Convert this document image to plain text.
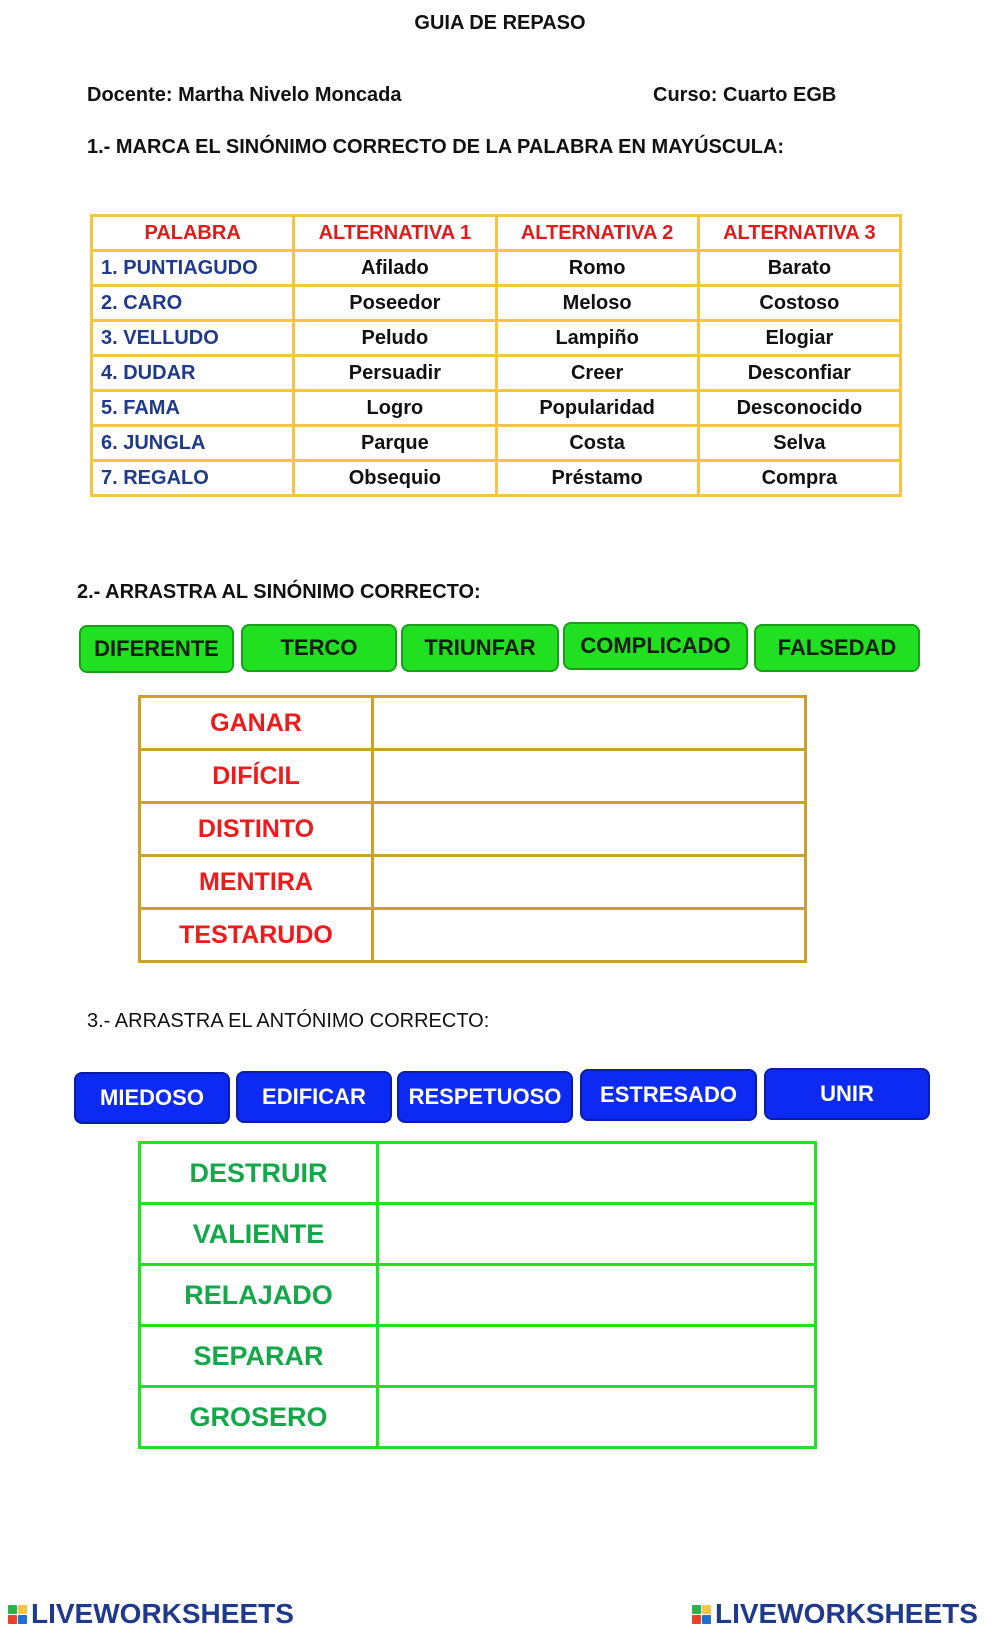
GUIA DE REPASO
Docente: Martha Nivelo Moncada	Curso: Cuarto EGB
1.- MARCA EL SINÓNIMO CORRECTO DE LA PALABRA EN MAYÚSCULA:
PALABRA	ALTERNATIVA 1	ALTERNATIVA 2	ALTERNATIVA 3
1. PUNTIAGUDO	Afilado	Romo	Barato
2. CARO	Poseedor	Meloso	Costoso
3. VELLUDO	Peludo	Lampiño	Elogiar
4. DUDAR	Persuadir	Creer	Desconfiar
5. FAMA	Logro	Popularidad	Desconocido
6. JUNGLA	Parque	Costa	Selva
7. REGALO	Obsequio	Préstamo	Compra
2.- ARRASTRA AL SINÓNIMO CORRECTO:
DIFERENTE	TERCO	TRIUNFAR	COMPLICADO	FALSEDAD
GANAR	
DIFÍCIL	
DISTINTO	
MENTIRA	
TESTARUDO	
3.- ARRASTRA EL ANTÓNIMO CORRECTO:
MIEDOSO	EDIFICAR	RESPETUOSO	ESTRESADO	UNIR
DESTRUIR	
VALIENTE	
RELAJADO	
SEPARAR	
GROSERO	
LIVEWORKSHEETS	LIVEWORKSHEETS
